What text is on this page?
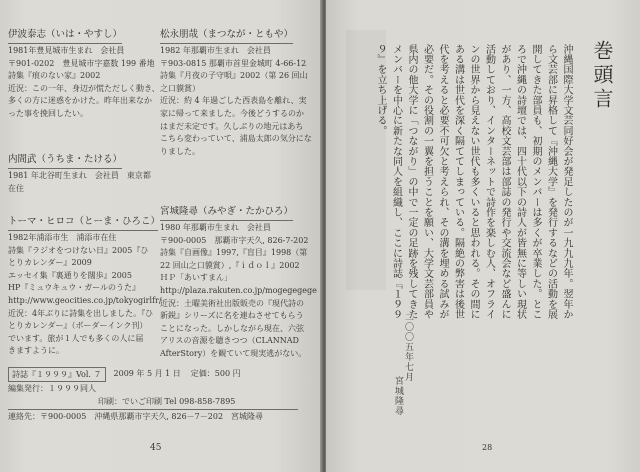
伊波泰志（いは・やすし）
1981年豊見城市生まれ　会社員
〒901-0202　豊見城市字嘉数 199 番地
詩集『痕のない家』2002
近況：この一年、身辺が慌ただしく動き、
多くの方に迷惑をかけた。昨年出来なか
った事を挽回したい。
内間武（うちま・たける）
1981 年北谷町生まれ　会社員　東京都
在住
トーマ・ヒロコ（とーま・ひろこ）
1982年浦添市生　浦添市在住
詩集『ラジオをつけない日』2005『ひ
とりカレンダー』2009
エッセイ集『裏通りを闊歩』2005
HP『ミュウキュウ・ガールのうた』
http://www.geocities.co.jp/tokyogirlfr/
近況：4年ぶりに詩集を出しました。『ひ
とりカレンダー』（ボーダーインク刊）
でいます。旅が１人でも多くの人に届
きますように。
松永朋哉（まつなが・ともや）
1982 年那覇市生まれ　会社員
〒903-0815 那覇市首里金城町 4-66-12
詩集『月夜の子守唄』2002（第 26 回山
之口貘賞）
近況：約 4 年過ごした西表島を離れ、実
家に帰って来ました。今後どうするのか
はまだ未定です。久しぶりの地元はあち
こちら変わっていて、浦島太郎の気分にな
りました。
宮城隆尋（みやぎ・たかひろ）
1980 年那覇市生まれ　会社員
〒900-0005　那覇市字天久, 826-7-202
詩集『自画像』1997,『盲目』1998（第
22 回山之口貘賞）,『ｉｄｏｌ』2002
ＨＰ「あいすまん」
http://plaza.rakuten.co.jp/mogegegege
近況：土曜美術社出版販売の『現代詩の
新鋭』シリーズに名を連ねさせてもらう
ことになった。しかしながら現在、六弦
アリスの音源を聴きつつ（CLANNAD
AfterStory）を観ていて現実逃がない。
詩誌『１９９９』Vol. ７	2009 年 5 月 1 日 定価：500 円
編集発行：１９９９同人
印刷：でいご印刷 Tel 098-858-7895
連絡先：〒900-0005　沖縄県那覇市字天久, 826－7－202　宮城隆尋
45
巻頭言
沖縄国際大学文芸同好会が発足したのが一九九九年。翌年から文芸部に昇格して『沖縄大学』を発行するなどの活動を展開してきた部員も、初期のメンバーは多くが卒業した。ところで沖縄の詩壇では、四十代以下の詩人が皆無に等しい現状があり、一方、高校文芸部は部誌の発行や交流会など盛んに活動しており、インターネットで詩作を楽しむ人、オフラインの世界から見えない世代も多くいると思われる。その間にある溝は世代を深く隔ててしまっている。隔絶の弊害は後世代を考えると必要不可欠と考えられ、その溝を埋める試みが必要だ。その役割の一翼を担うことを願い、大学文芸部員や県内の他大学に「つながり」の中で一定の足跡を残してきたメンバーを中心に新たな同人を組織し、ここに詩誌『１９９９』を立ち上げる。
二〇〇五年七月
宮城隆尋
28
